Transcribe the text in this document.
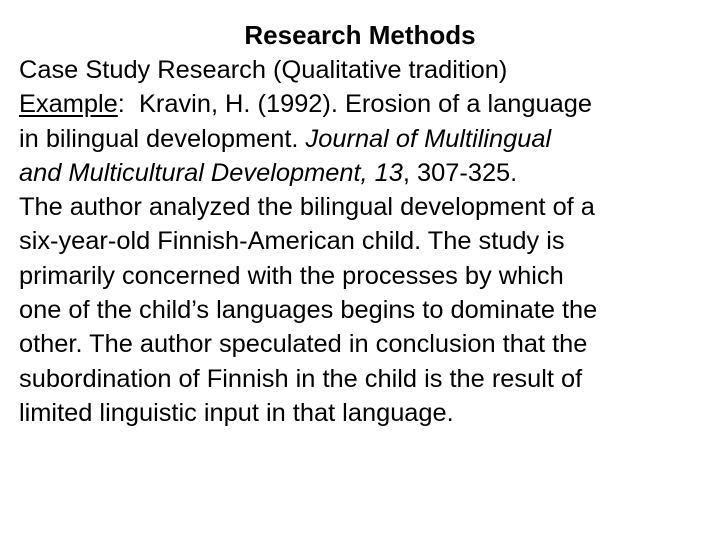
Research Methods
Case Study Research (Qualitative tradition)
Example:  Kravin, H. (1992). Erosion of a language
in bilingual development. Journal of Multilingual
and Multicultural Development, 13, 307-325.
The author analyzed the bilingual development of a
six-year-old Finnish-American child. The study is
primarily concerned with the processes by which
one of the child’s languages begins to dominate the
other. The author speculated in conclusion that the
subordination of Finnish in the child is the result of
limited linguistic input in that language.
